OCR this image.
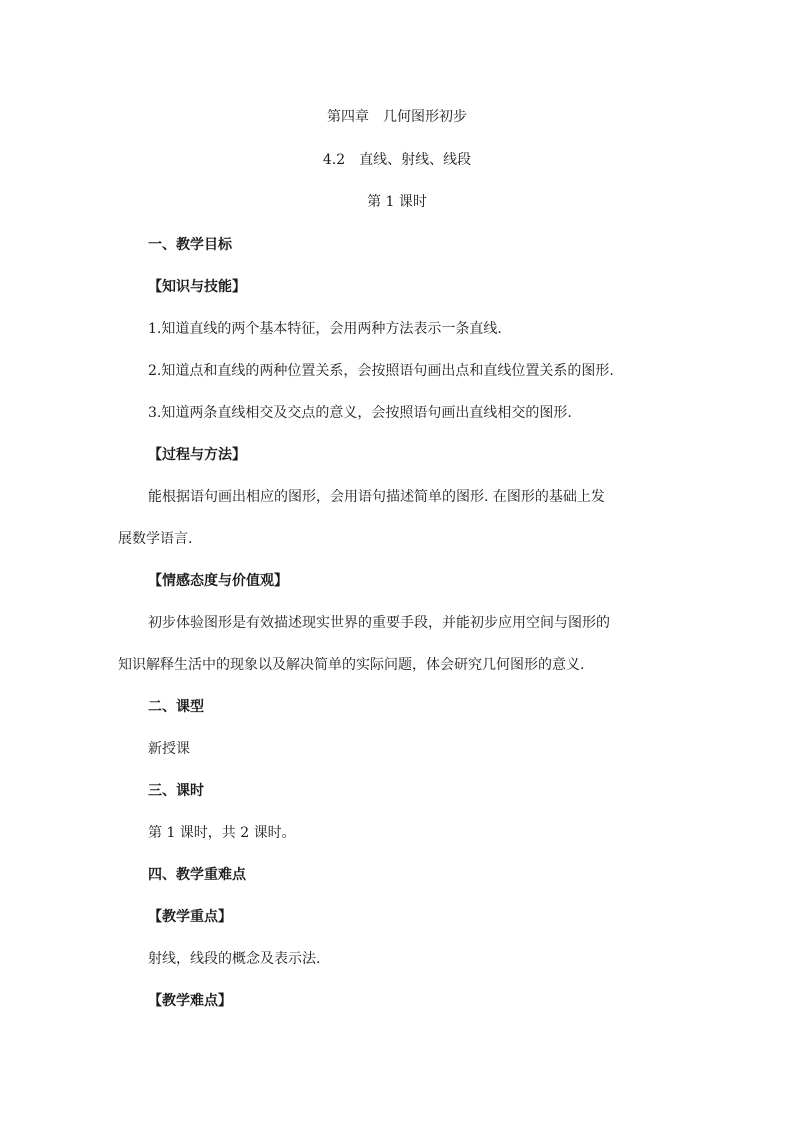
第四章　几何图形初步

4.2　直线、射线、线段

第 1 课时

一、教学目标

【知识与技能】

1.知道直线的两个基本特征，会用两种方法表示一条直线.

2.知道点和直线的两种位置关系，会按照语句画出点和直线位置关系的图形.

3.知道两条直线相交及交点的意义，会按照语句画出直线相交的图形.

【过程与方法】

能根据语句画出相应的图形，会用语句描述简单的图形. 在图形的基础上发

展数学语言.

【情感态度与价值观】

初步体验图形是有效描述现实世界的重要手段，并能初步应用空间与图形的

知识解释生活中的现象以及解决简单的实际问题，体会研究几何图形的意义.

二、课型

新授课

三、课时

第 1 课时，共 2 课时。

四、教学重难点

【教学重点】

射线，线段的概念及表示法.

【教学难点】
